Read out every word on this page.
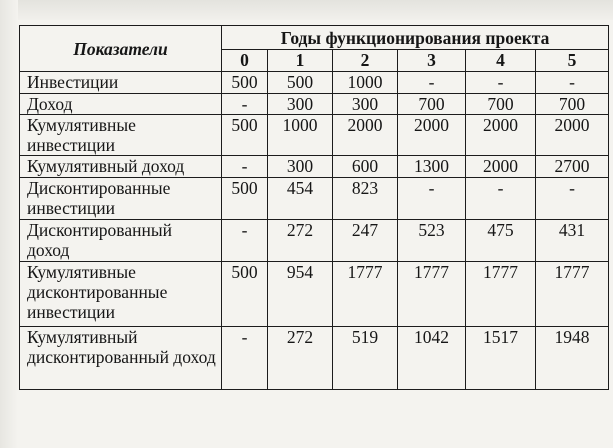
Показатели	Годы функционирования проекта					
	0	1	2	3	4	5
Инвестиции	500	500	1000	-	-	-
Доход	-	300	300	700	700	700
Кумулятивные инвестиции	500	1000	2000	2000	2000	2000
Кумулятивный доход	-	300	600	1300	2000	2700
Дисконтированные инвестиции	500	454	823	-	-	-
Дисконтированный доход	-	272	247	523	475	431
Кумулятивные дисконтированные инвестиции	500	954	1777	1777	1777	1777
Кумулятивный дисконтированный доход	-	272	519	1042	1517	1948
